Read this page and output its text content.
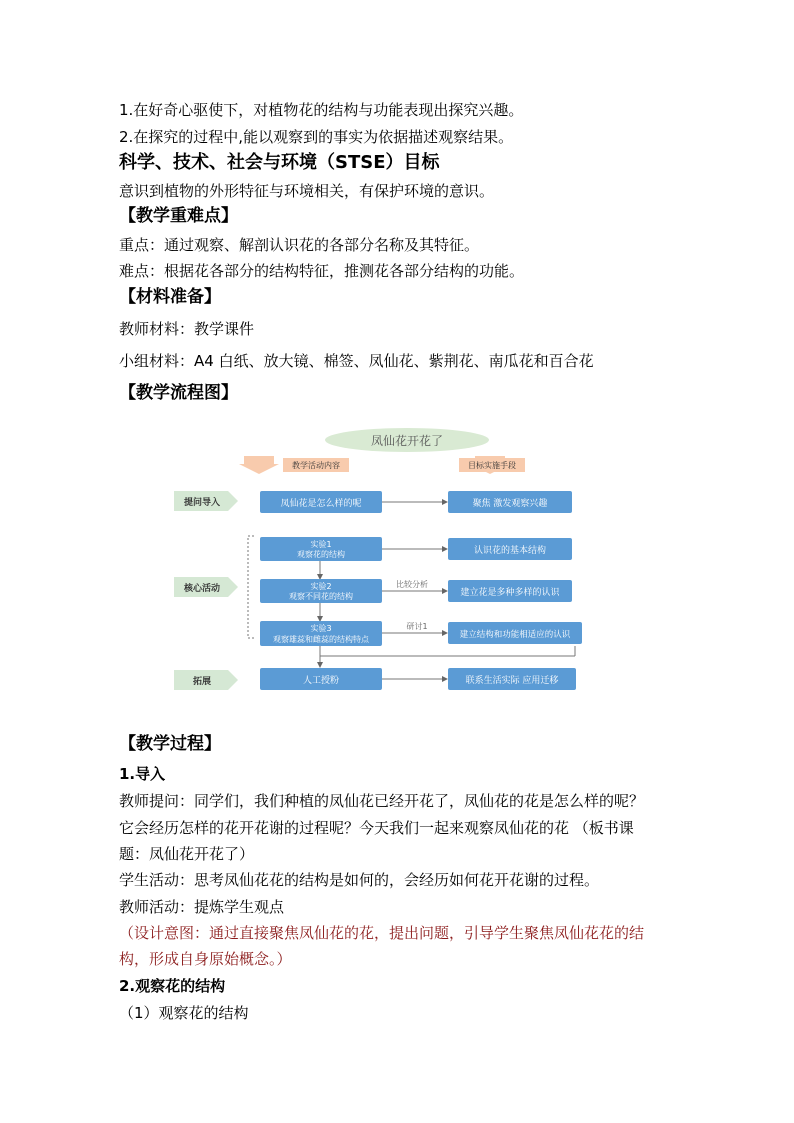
1.在好奇心驱使下，对植物花的结构与功能表现出探究兴趣。
2.在探究的过程中,能以观察到的事实为依据描述观察结果。
科学、技术、社会与环境（STSE）目标
意识到植物的外形特征与环境相关，有保护环境的意识。
【教学重难点】
重点：通过观察、解剖认识花的各部分名称及其特征。
难点：根据花各部分的结构特征，推测花各部分结构的功能。
【材料准备】
教师材料：教学课件
小组材料：A4 白纸、放大镜、棉签、凤仙花、紫荆花、南瓜花和百合花
【教学流程图】
凤仙花开花了
教学活动内容	目标实施手段
提问导入
核心活动
拓展
比较分析
研讨1
凤仙花是怎么样的呢
实验1
观察花的结构
实验2
观察不同花的结构
实验3
观察雄蕊和雌蕊的结构特点
人工授粉
聚焦 激发观察兴趣
认识花的基本结构
建立花是多种多样的认识
建立结构和功能相适应的认识
联系生活实际 应用迁移
【教学过程】
1.导入
教师提问：同学们，我们种植的凤仙花已经开花了，凤仙花的花是怎么样的呢？
它会经历怎样的花开花谢的过程呢？今天我们一起来观察凤仙花的花 （板书课
题：凤仙花开花了）
学生活动：思考凤仙花花的结构是如何的，会经历如何花开花谢的过程。
教师活动：提炼学生观点
（设计意图：通过直接聚焦凤仙花的花，提出问题，引导学生聚焦凤仙花花的结
构，形成自身原始概念。）
2.观察花的结构
（1）观察花的结构
